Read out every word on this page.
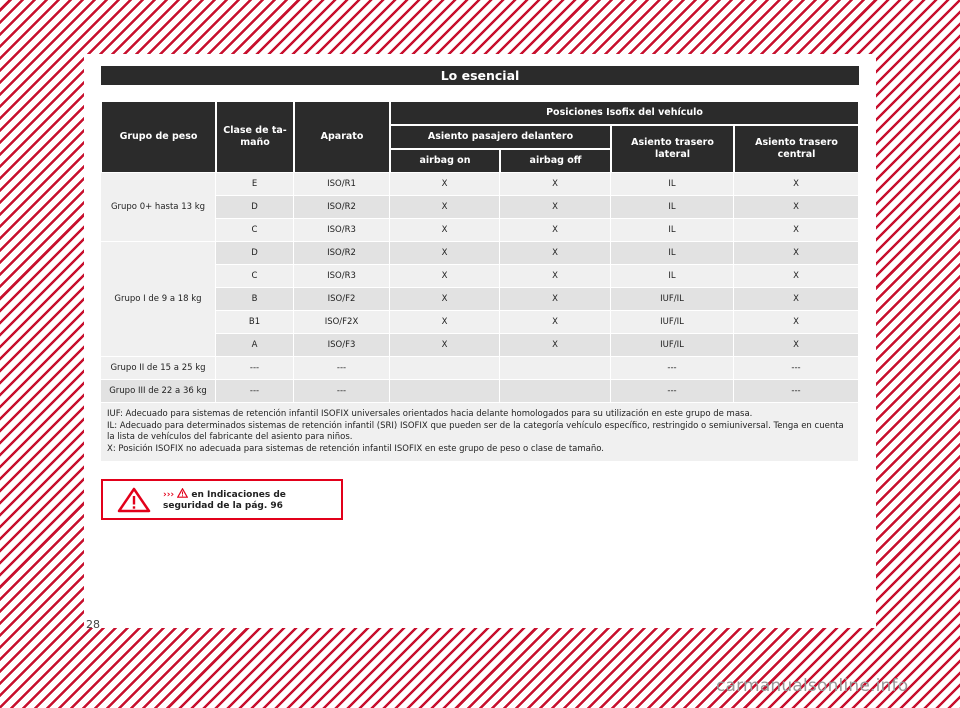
Lo esencial
Grupo de peso	Clase de ta- maño	Aparato	Posiciones Isofix del vehículo			
			Asiento pasajero delantero		Asiento trasero lateral	Asiento trasero central
			airbag on	airbag off		
Grupo 0+ hasta 13 kg	E	ISO/R1	X	X	IL	X
	D	ISO/R2	X	X	IL	X
	C	ISO/R3	X	X	IL	X
Grupo I de 9 a 18 kg	D	ISO/R2	X	X	IL	X
	C	ISO/R3	X	X	IL	X
	B	ISO/F2	X	X	IUF/IL	X
	B1	ISO/F2X	X	X	IUF/IL	X
	A	ISO/F3	X	X	IUF/IL	X
Grupo II de 15 a 25 kg	---	---			---	---
Grupo III de 22 a 36 kg	---	---			---	---

IUF: Adecuado para sistemas de retención infantil ISOFIX universales orientados hacia delante homologados para su utilización en este grupo de masa.
IL: Adecuado para determinados sistemas de retención infantil (SRI) ISOFIX que pueden ser de la categoría vehículo específico, restringido o semiuniversal. Tenga en cuenta la lista de vehículos del fabricante del asiento para niños.
X: Posición ISOFIX no adecuada para sistemas de retención infantil ISOFIX en este grupo de peso o clase de tamaño.						
›››  en Indicaciones de seguridad de la pág. 96
28
carmanualsonline.info
